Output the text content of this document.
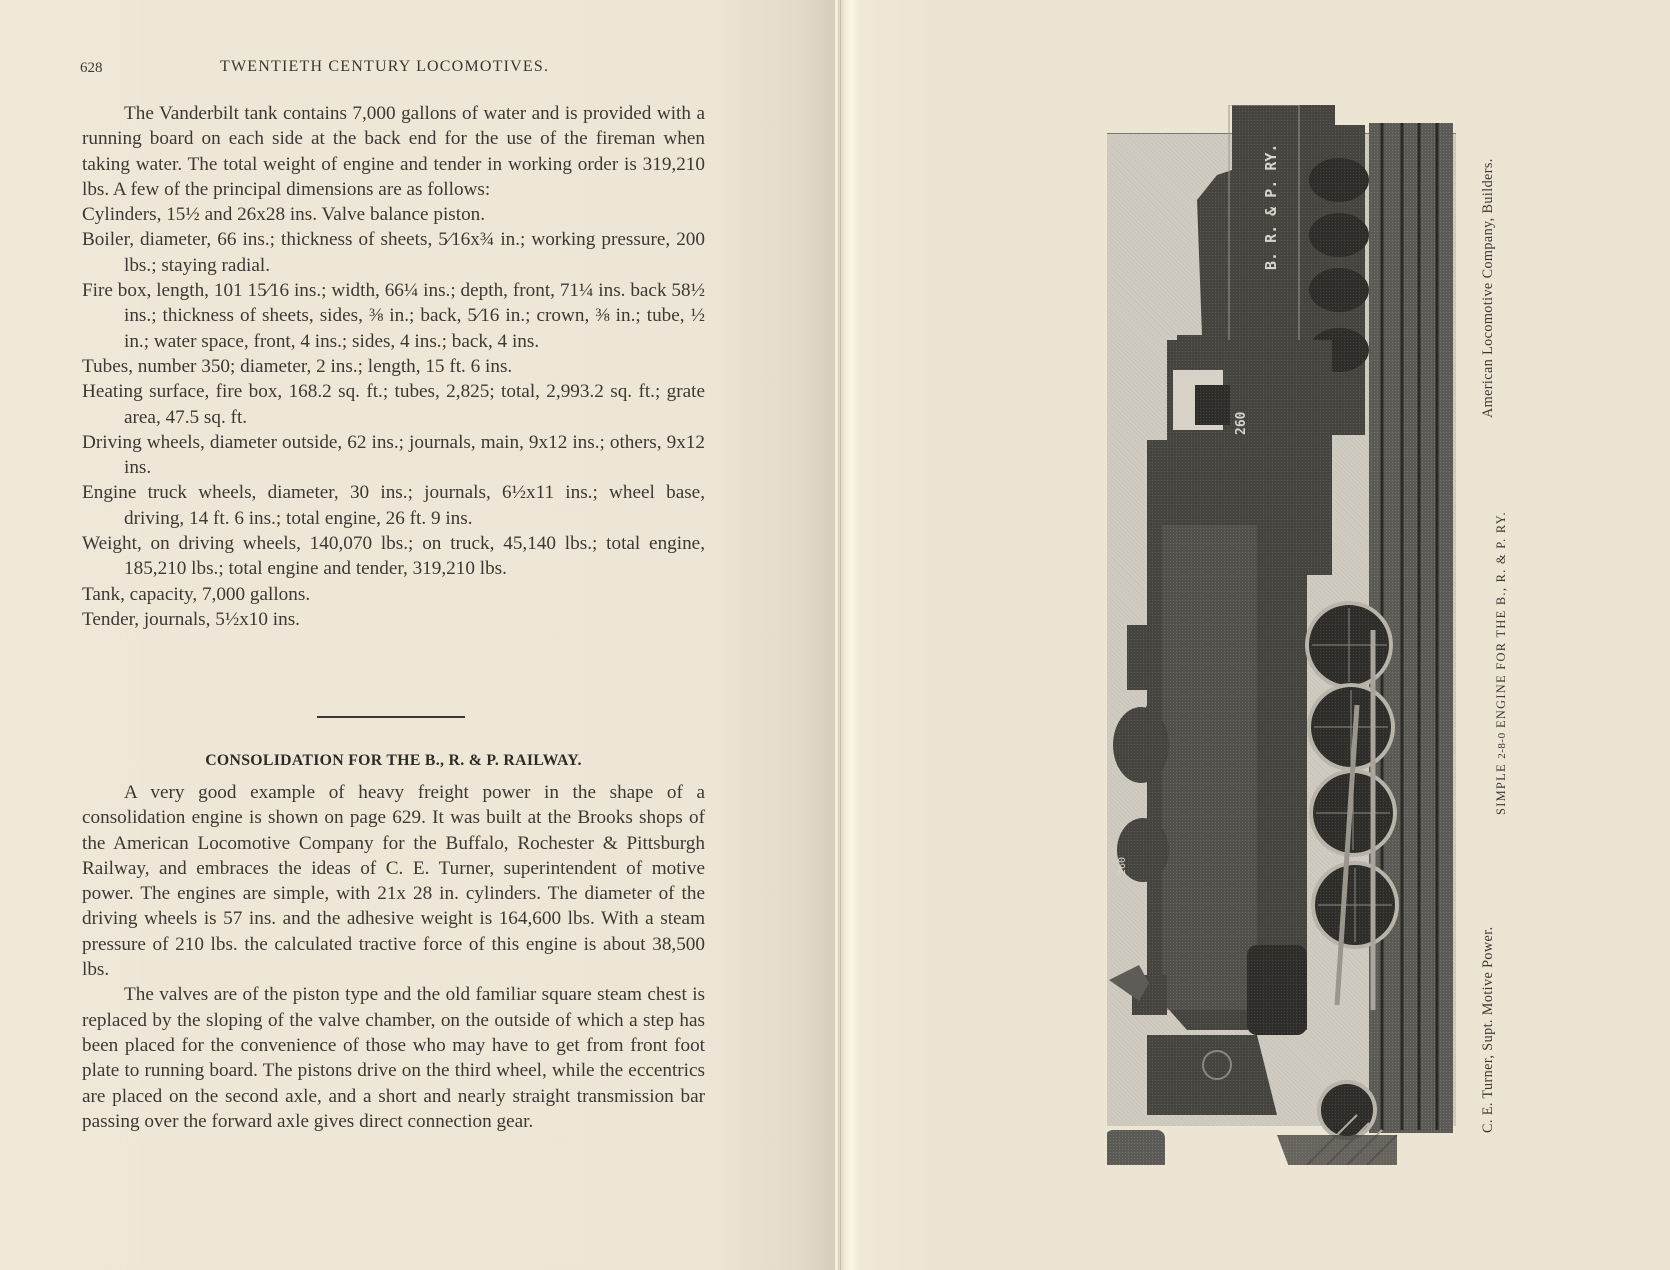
628	TWENTIETH CENTURY LOCOMOTIVES.

The Vanderbilt tank contains 7,000 gallons of water and is provided with a running board on each side at the back end for the use of the fireman when taking water. The total weight of engine and tender in working order is 319,210 lbs. A few of the principal dimensions are as follows:

Cylinders, 15½ and 26x28 ins. Valve balance piston.

Boiler, diameter, 66 ins.; thickness of sheets, 5⁄16x¾ in.; working pressure, 200 lbs.; staying radial.

Fire box, length, 101 15⁄16 ins.; width, 66¼ ins.; depth, front, 71¼ ins. back 58½ ins.; thickness of sheets, sides, ⅜ in.; back, 5⁄16 in.; crown, ⅜ in.; tube, ½ in.; water space, front, 4 ins.; sides, 4 ins.; back, 4 ins.

Tubes, number 350; diameter, 2 ins.; length, 15 ft. 6 ins.

Heating surface, fire box, 168.2 sq. ft.; tubes, 2,825; total, 2,993.2 sq. ft.; grate area, 47.5 sq. ft.

Driving wheels, diameter outside, 62 ins.; journals, main, 9x12 ins.; others, 9x12 ins.

Engine truck wheels, diameter, 30 ins.; journals, 6½x11 ins.; wheel base, driving, 14 ft. 6 ins.; total engine, 26 ft. 9 ins.

Weight, on driving wheels, 140,070 lbs.; on truck, 45,140 lbs.; total engine, 185,210 lbs.; total engine and tender, 319,210 lbs.

Tank, capacity, 7,000 gallons.

Tender, journals, 5½x10 ins.

CONSOLIDATION FOR THE B., R. & P. RAILWAY.

A very good example of heavy freight power in the shape of a consolidation engine is shown on page 629. It was built at the Brooks shops of the American Locomotive Company for the Buffalo, Rochester & Pittsburgh Railway, and embraces the ideas of C. E. Turner, superintendent of motive power. The engines are simple, with 21x 28 in. cylinders. The diameter of the driving wheels is 57 ins. and the adhesive weight is 164,600 lbs. With a steam pressure of 210 lbs. the calculated tractive force of this engine is about 38,500 lbs.

The valves are of the piston type and the old familiar square steam chest is replaced by the sloping of the valve chamber, on the outside of which a step has been placed for the convenience of those who may have to get from front foot plate to running board. The pistons drive on the third wheel, while the eccentrics are placed on the second axle, and a short and nearly straight transmission bar passing over the forward axle gives direct connection gear.

B. R. & P. RY.
260
260
American Locomotive Company, Builders.
SIMPLE 2-8-0 ENGINE FOR THE B., R. & P. RY.
C. E. Turner, Supt. Motive Power.
